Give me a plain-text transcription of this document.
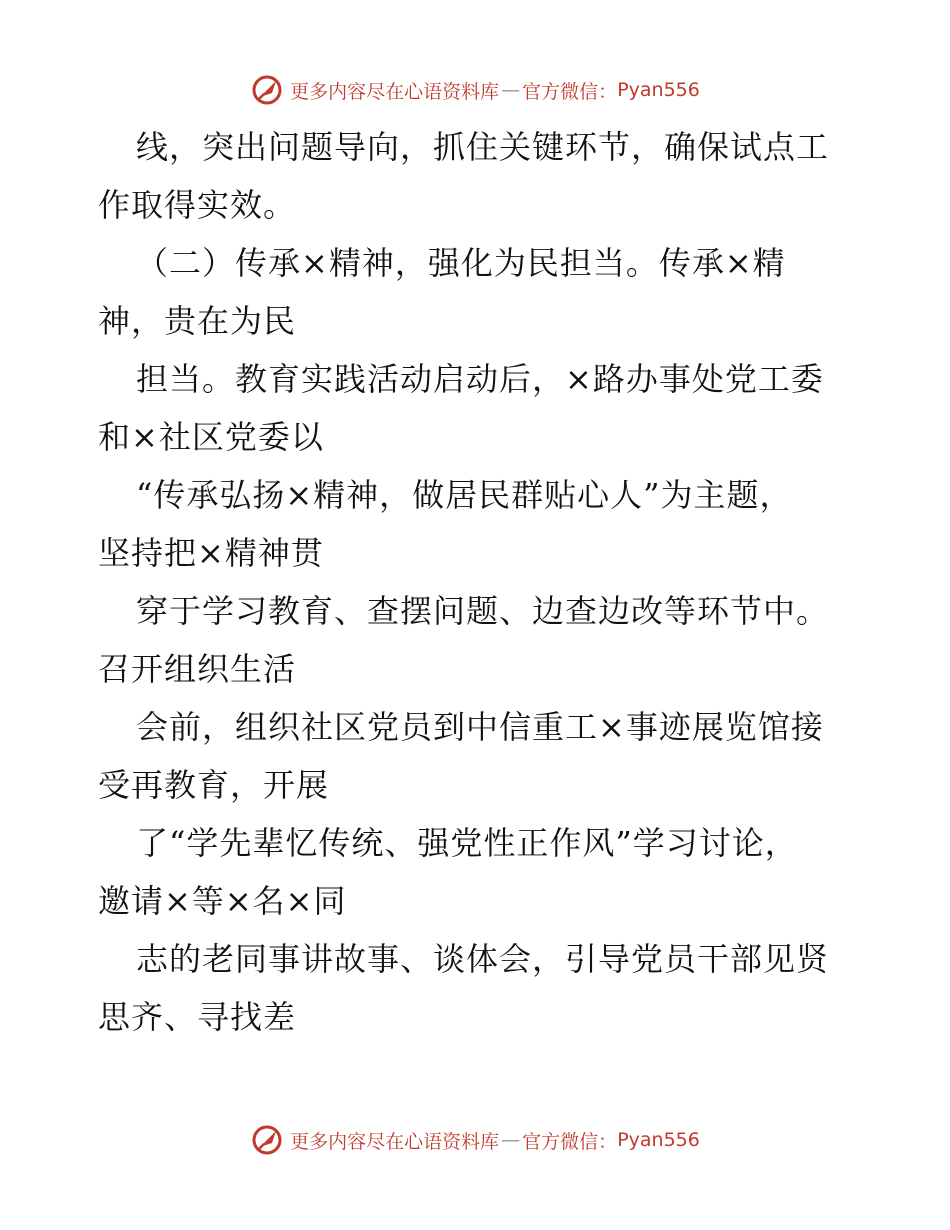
更多内容尽在心语资料库 — 官方微信： Pyan556
线，突出问题导向，抓住关键环节，确保试点工
作取得实效。
（二）传承×精神，强化为民担当。传承×精
神，贵在为民
担当。教育实践活动启动后，×路办事处党工委
和×社区党委以
“传承弘扬×精神，做居民群贴心人”为主题，
坚持把×精神贯
穿于学习教育、查摆问题、边查边改等环节中。
召开组织生活
会前，组织社区党员到中信重工×事迹展览馆接
受再教育，开展
了“学先辈忆传统、强党性正作风”学习讨论，
邀请×等×名×同
志的老同事讲故事、谈体会，引导党员干部见贤
思齐、寻找差
更多内容尽在心语资料库 — 官方微信： Pyan556
